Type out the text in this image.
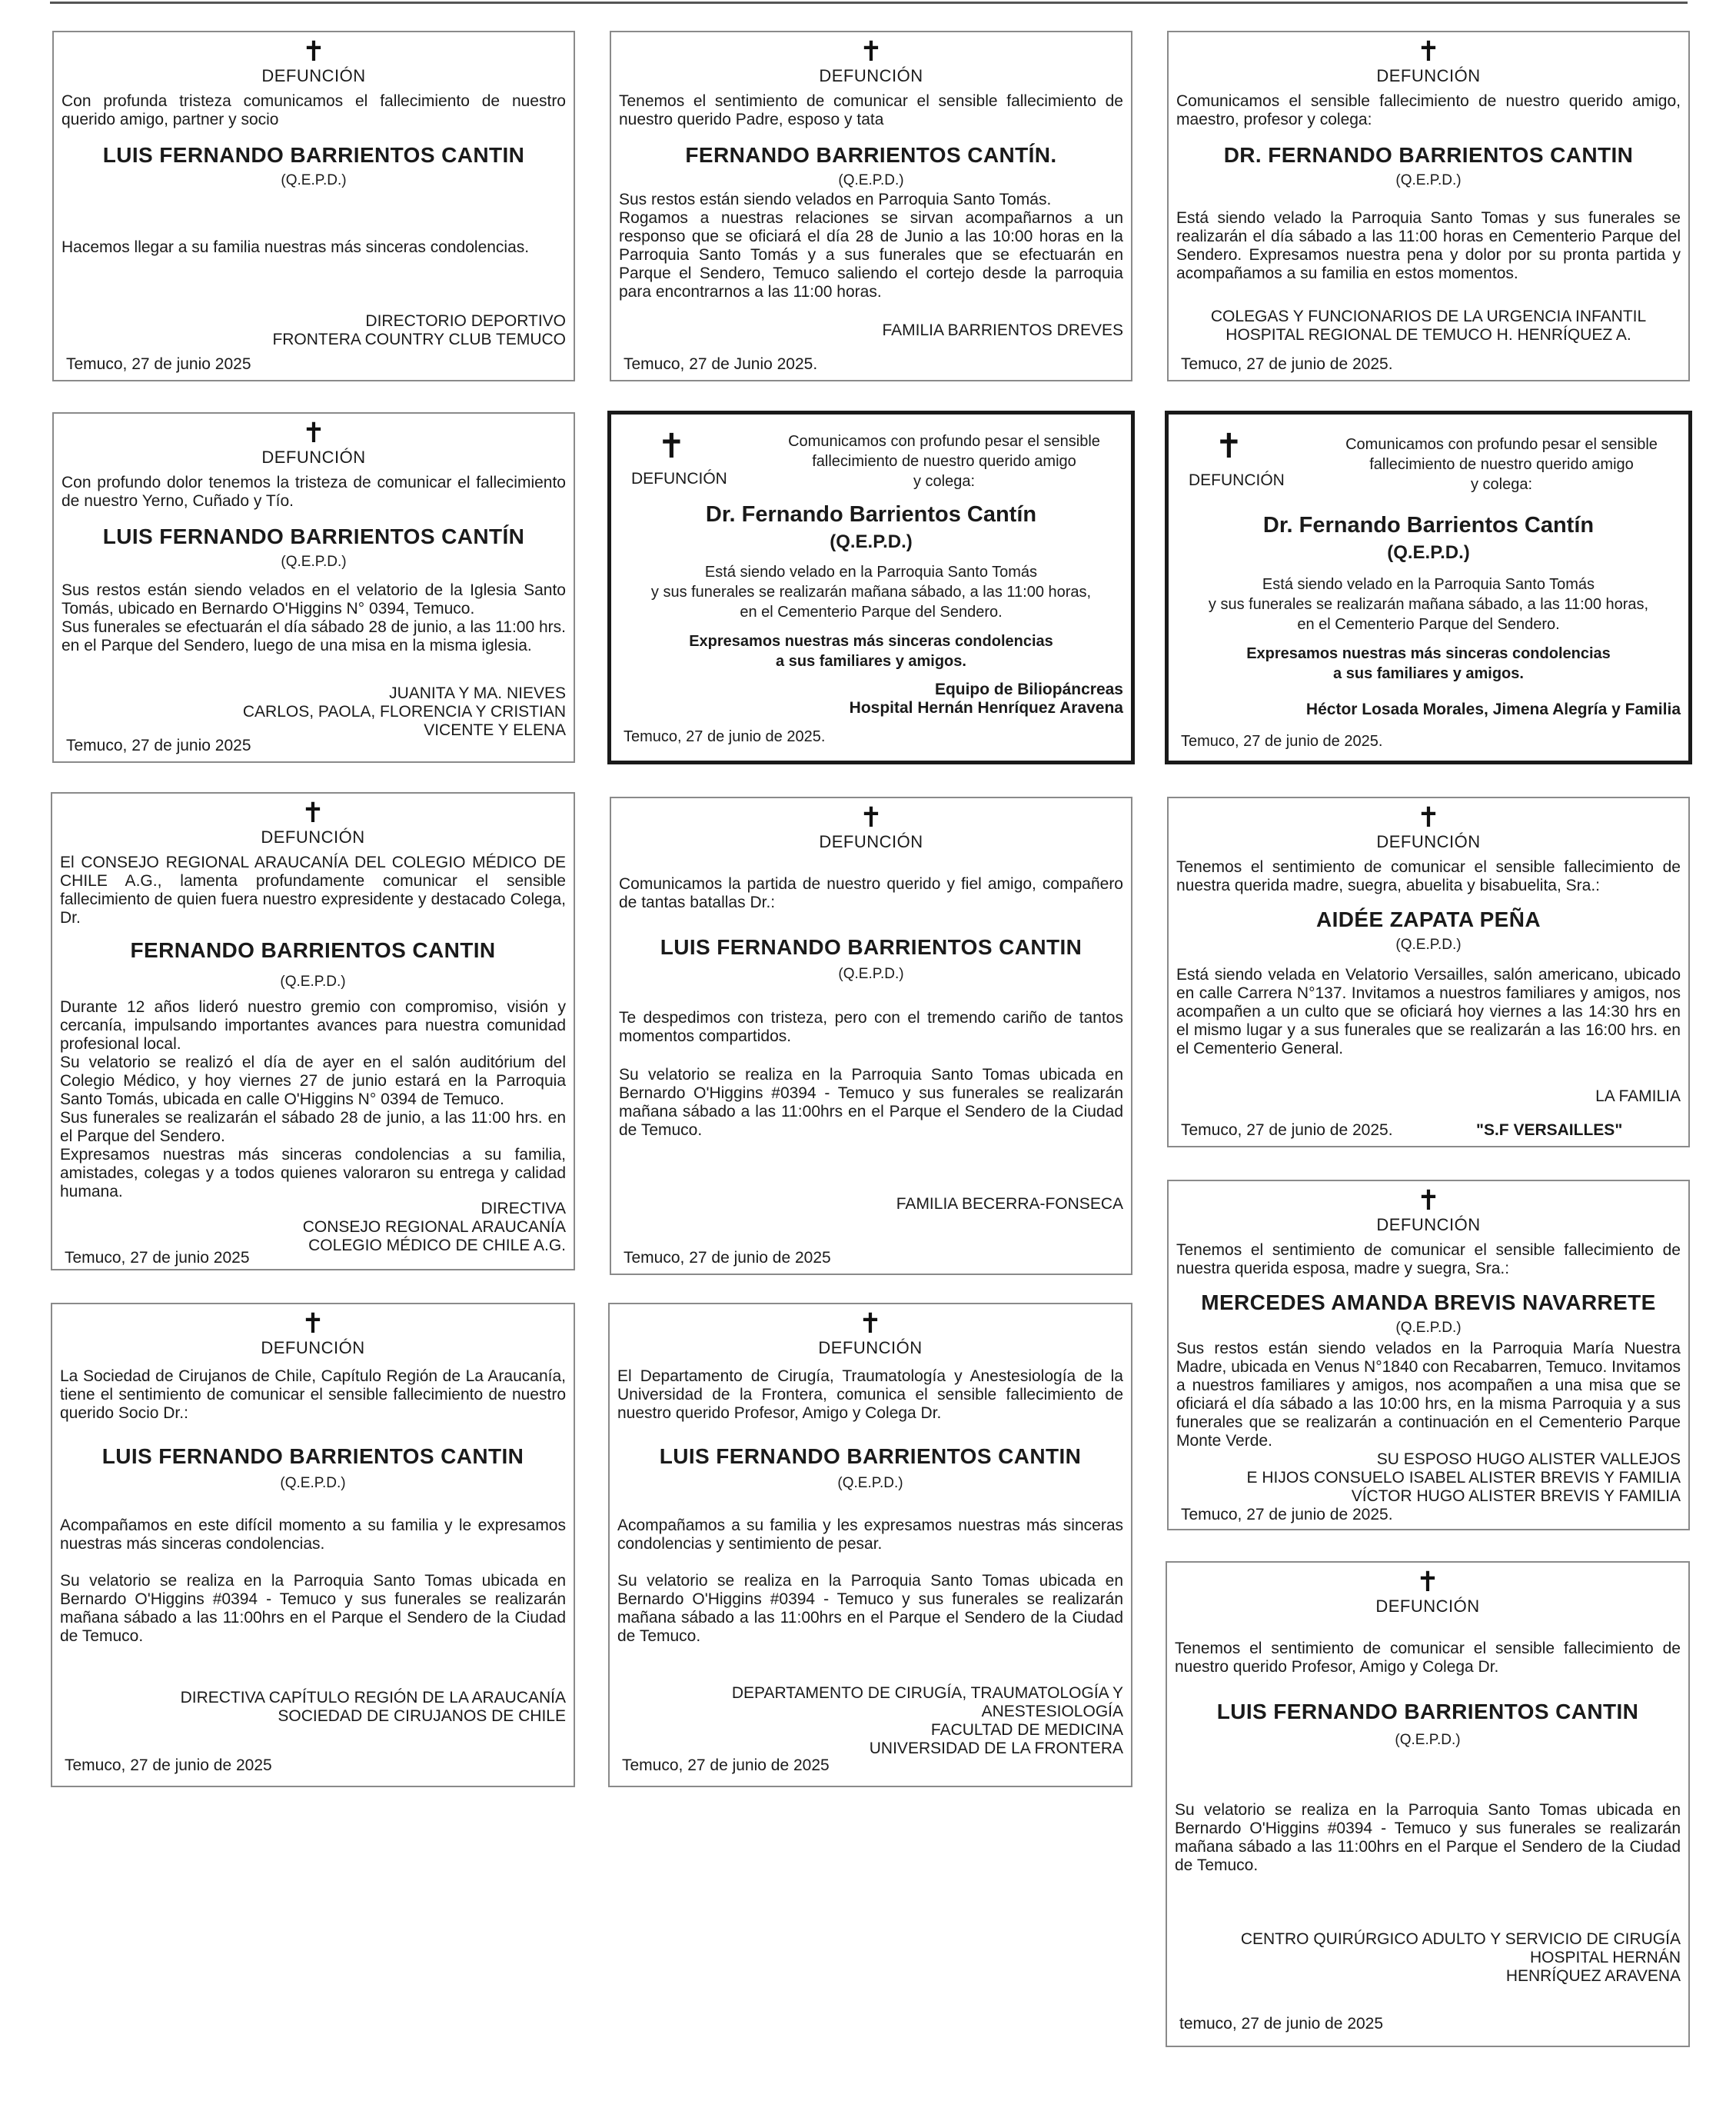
✝
DEFUNCIÓN
Con profunda tristeza comunicamos el fallecimiento de nuestro querido amigo, partner y socio
LUIS FERNANDO BARRIENTOS CANTIN
(Q.E.P.D.)
Hacemos llegar a su familia nuestras más sinceras condolencias.
DIRECTORIO DEPORTIVO
FRONTERA COUNTRY CLUB TEMUCO
Temuco, 27 de junio 2025
✝
DEFUNCIÓN
Tenemos el sentimiento de comunicar el sensible fallecimiento de nuestro querido Padre, esposo y tata
FERNANDO BARRIENTOS CANTÍN.
(Q.E.P.D.)
Sus restos están siendo velados en Parroquia Santo Tomás.
Rogamos a nuestras relaciones se sirvan acompañarnos a un responso que se oficiará el día 28 de Junio a las 10:00 horas en la Parroquia Santo Tomás y a sus funerales que se efectuarán en Parque el Sendero, Temuco saliendo el cortejo desde la parroquia para encontrarnos a las 11:00 horas.
FAMILIA BARRIENTOS DREVES
Temuco, 27 de Junio 2025.
✝
DEFUNCIÓN
Comunicamos el sensible fallecimiento de nuestro querido amigo, maestro, profesor y colega:
DR. FERNANDO BARRIENTOS CANTIN
(Q.E.P.D.)
Está siendo velado la Parroquia Santo Tomas y sus funerales se realizarán el día sábado a las 11:00 horas en Cementerio Parque del Sendero. Expresamos nuestra pena y dolor por su pronta partida y acompañamos a su familia en estos momentos.
COLEGAS Y FUNCIONARIOS DE LA URGENCIA INFANTIL
HOSPITAL REGIONAL DE TEMUCO H. HENRÍQUEZ A.
Temuco, 27 de junio de 2025.
✝
DEFUNCIÓN
Con profundo dolor tenemos la tristeza de comunicar el fallecimiento de nuestro Yerno, Cuñado y Tío.
LUIS FERNANDO BARRIENTOS CANTÍN
(Q.E.P.D.)
Sus restos están siendo velados en el velatorio de la Iglesia Santo Tomás, ubicado en Bernardo O'Higgins N° 0394, Temuco.
Sus funerales se efectuarán el día sábado 28 de junio, a las 11:00 hrs. en el Parque del Sendero, luego de una misa en la misma iglesia.
JUANITA Y MA. NIEVES
CARLOS, PAOLA, FLORENCIA Y CRISTIAN
VICENTE Y ELENA
Temuco, 27 de junio 2025
✝
DEFUNCIÓN
Comunicamos con profundo pesar el sensible
fallecimiento de nuestro querido amigo
y colega:
Dr. Fernando Barrientos Cantín
(Q.E.P.D.)
Está siendo velado en la Parroquia Santo Tomás
y sus funerales se realizarán mañana sábado, a las 11:00 horas,
en el Cementerio Parque del Sendero.
Expresamos nuestras más sinceras condolencias
a sus familiares y amigos.
Equipo de Biliopáncreas
Hospital Hernán Henríquez Aravena
Temuco, 27 de junio de 2025.
✝
DEFUNCIÓN
Comunicamos con profundo pesar el sensible
fallecimiento de nuestro querido amigo
y colega:
Dr. Fernando Barrientos Cantín
(Q.E.P.D.)
Está siendo velado en la Parroquia Santo Tomás
y sus funerales se realizarán mañana sábado, a las 11:00 horas,
en el Cementerio Parque del Sendero.
Expresamos nuestras más sinceras condolencias
a sus familiares y amigos.
Héctor Losada Morales, Jimena Alegría y Familia
Temuco, 27 de junio de 2025.
✝
DEFUNCIÓN
El CONSEJO REGIONAL ARAUCANÍA DEL COLEGIO MÉDICO DE CHILE A.G., lamenta profundamente comunicar el sensible fallecimiento de quien fuera nuestro expresidente y destacado Colega, Dr.
FERNANDO BARRIENTOS CANTIN
(Q.E.P.D.)
Durante 12 años lideró nuestro gremio con compromiso, visión y cercanía, impulsando importantes avances para nuestra comunidad profesional local.
Su velatorio se realizó el día de ayer en el salón auditórium del Colegio Médico, y hoy viernes 27 de junio estará en la Parroquia Santo Tomás, ubicada en calle O'Higgins N° 0394 de Temuco.
Sus funerales se realizarán el sábado 28 de junio, a las 11:00 hrs. en el Parque del Sendero.
Expresamos nuestras más sinceras condolencias a su familia, amistades, colegas y a todos quienes valoraron su entrega y calidad humana.
DIRECTIVA
CONSEJO REGIONAL ARAUCANÍA
COLEGIO MÉDICO DE CHILE A.G.
Temuco, 27 de junio 2025
✝
DEFUNCIÓN
Comunicamos la partida de nuestro querido y fiel amigo, compañero de tantas batallas Dr.:
LUIS FERNANDO BARRIENTOS CANTIN
(Q.E.P.D.)
Te despedimos con tristeza, pero con el tremendo cariño de tantos momentos compartidos.
Su velatorio se realiza en la Parroquia Santo Tomas ubicada en Bernardo O'Higgins #0394 - Temuco y sus funerales se realizarán mañana sábado a las 11:00hrs en el Parque el Sendero de la Ciudad de Temuco.
FAMILIA BECERRA-FONSECA
Temuco, 27 de junio de 2025
✝
DEFUNCIÓN
Tenemos el sentimiento de comunicar el sensible fallecimiento de nuestra querida madre, suegra, abuelita y bisabuelita, Sra.:
AIDÉE ZAPATA PEÑA
(Q.E.P.D.)
Está siendo velada en Velatorio Versailles, salón americano, ubicado en calle Carrera N°137. Invitamos a nuestros familiares y amigos, nos acompañen a un culto que se oficiará hoy viernes a las 14:30 hrs en el mismo lugar y a sus funerales que se realizarán a las 16:00 hrs. en el Cementerio General.
LA FAMILIA
Temuco, 27 de junio de 2025.	"S.F VERSAILLES"
✝
DEFUNCIÓN
Tenemos el sentimiento de comunicar el sensible fallecimiento de nuestra querida esposa, madre y suegra, Sra.:
MERCEDES AMANDA BREVIS NAVARRETE
(Q.E.P.D.)
Sus restos están siendo velados en la Parroquia María Nuestra Madre, ubicada en Venus N°1840 con Recabarren, Temuco. Invitamos a nuestros familiares y amigos, nos acompañen a una misa que se oficiará el día sábado a las 10:00 hrs, en la misma Parroquia y a sus funerales que se realizarán a continuación en el Cementerio Parque Monte Verde.
SU ESPOSO HUGO ALISTER VALLEJOS
E HIJOS CONSUELO ISABEL ALISTER BREVIS Y FAMILIA
VÍCTOR HUGO ALISTER BREVIS Y FAMILIA
Temuco, 27 de junio de 2025.
✝
DEFUNCIÓN
La Sociedad de Cirujanos de Chile, Capítulo Región de La Araucanía, tiene el sentimiento de comunicar el sensible fallecimiento de nuestro querido Socio Dr.:
LUIS FERNANDO BARRIENTOS CANTIN
(Q.E.P.D.)
Acompañamos en este difícil momento a su familia y le expresamos nuestras más sinceras condolencias.
Su velatorio se realiza en la Parroquia Santo Tomas ubicada en Bernardo O'Higgins #0394 - Temuco y sus funerales se realizarán mañana sábado a las 11:00hrs en el Parque el Sendero de la Ciudad de Temuco.
DIRECTIVA CAPÍTULO REGIÓN DE LA ARAUCANÍA
SOCIEDAD DE CIRUJANOS DE CHILE
Temuco, 27 de junio de 2025
✝
DEFUNCIÓN
El Departamento de Cirugía, Traumatología y Anestesiología de la Universidad de la Frontera, comunica el sensible fallecimiento de nuestro querido Profesor, Amigo y Colega Dr.
LUIS FERNANDO BARRIENTOS CANTIN
(Q.E.P.D.)
Acompañamos a su familia y les expresamos nuestras más sinceras condolencias y sentimiento de pesar.
Su velatorio se realiza en la Parroquia Santo Tomas ubicada en Bernardo O'Higgins #0394 - Temuco y sus funerales se realizarán mañana sábado a las 11:00hrs en el Parque el Sendero de la Ciudad de Temuco.
DEPARTAMENTO DE CIRUGÍA, TRAUMATOLOGÍA Y ANESTESIOLOGÍA
FACULTAD DE MEDICINA
UNIVERSIDAD DE LA FRONTERA
Temuco, 27 de junio de 2025
✝
DEFUNCIÓN
Tenemos el sentimiento de comunicar el sensible fallecimiento de nuestro querido Profesor, Amigo y Colega Dr.
LUIS FERNANDO BARRIENTOS CANTIN
(Q.E.P.D.)
Su velatorio se realiza en la Parroquia Santo Tomas ubicada en Bernardo O'Higgins #0394 - Temuco y sus funerales se realizarán mañana sábado a las 11:00hrs en el Parque el Sendero de la Ciudad de Temuco.
CENTRO QUIRÚRGICO ADULTO Y SERVICIO DE CIRUGÍA
HOSPITAL HERNÁN
HENRÍQUEZ ARAVENA
temuco, 27 de junio de 2025
